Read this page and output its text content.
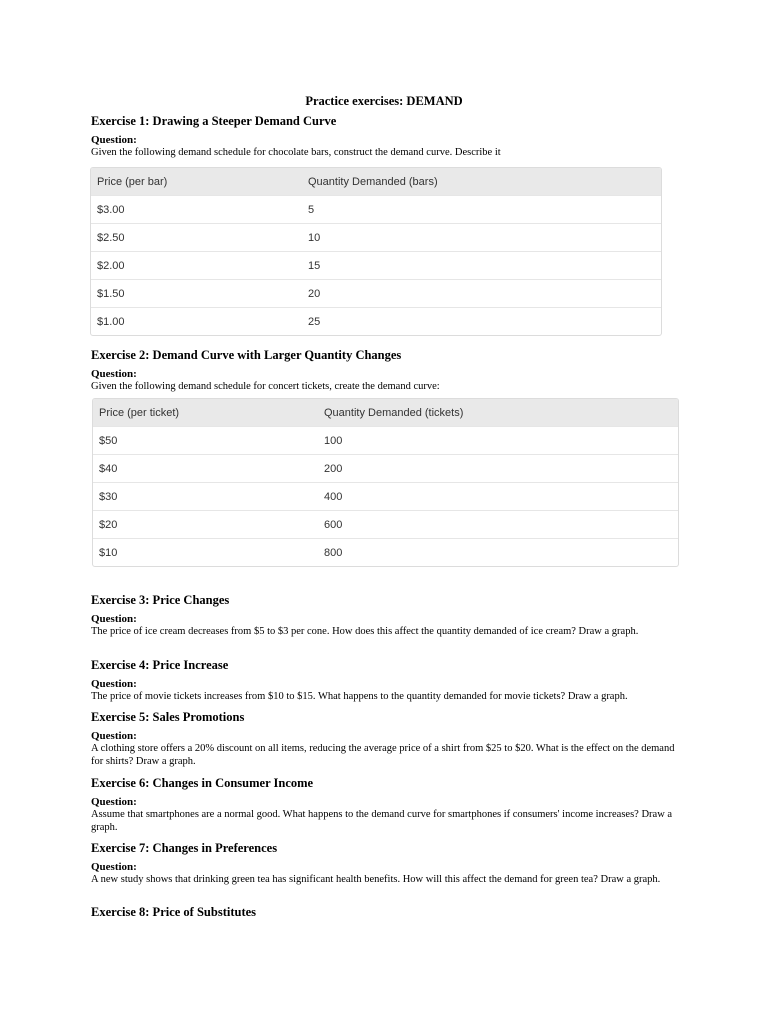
Practice exercises: DEMAND
Exercise 1: Drawing a Steeper Demand Curve
Question:
Given the following demand schedule for chocolate bars, construct the demand curve. Describe it
Price (per bar)	Quantity Demanded (bars)
$3.00	5
$2.50	10
$2.00	15
$1.50	20
$1.00	25
Exercise 2: Demand Curve with Larger Quantity Changes
Question:
Given the following demand schedule for concert tickets, create the demand curve:
Price (per ticket)	Quantity Demanded (tickets)
$50	100
$40	200
$30	400
$20	600
$10	800
Exercise 3: Price Changes
Question:
The price of ice cream decreases from $5 to $3 per cone. How does this affect the quantity demanded of ice cream? Draw a graph.
Exercise 4: Price Increase
Question:
The price of movie tickets increases from $10 to $15. What happens to the quantity demanded for movie tickets? Draw a graph.
Exercise 5: Sales Promotions
Question:
A clothing store offers a 20% discount on all items, reducing the average price of a shirt from $25 to $20. What is the effect on the demand for shirts? Draw a graph.
Exercise 6: Changes in Consumer Income
Question:
Assume that smartphones are a normal good. What happens to the demand curve for smartphones if consumers' income increases? Draw a graph.
Exercise 7: Changes in Preferences
Question:
A new study shows that drinking green tea has significant health benefits. How will this affect the demand for green tea? Draw a graph.
Exercise 8: Price of Substitutes
